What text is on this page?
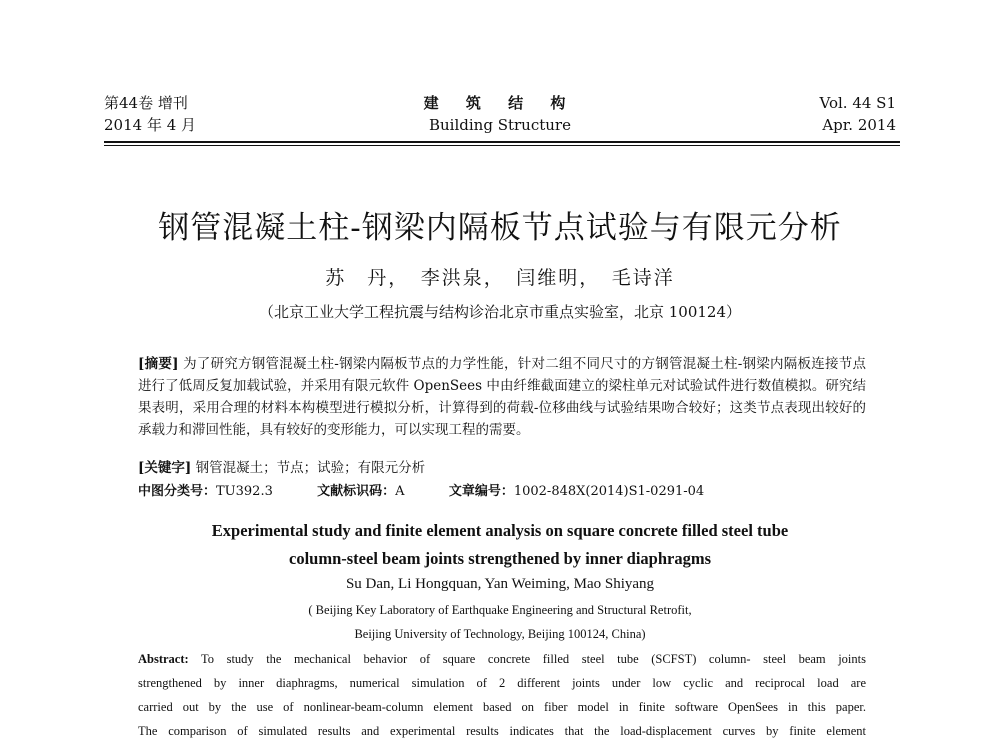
第44卷 增刊
2014 年 4 月
建 筑 结 构
Building Structure
Vol. 44 S1
Apr. 2014
钢管混凝土柱-钢梁内隔板节点试验与有限元分析
苏　丹，　李洪泉，　闫维明，　毛诗洋
（北京工业大学工程抗震与结构诊治北京市重点实验室，北京 100124）
[摘要] 为了研究方钢管混凝土柱-钢梁内隔板节点的力学性能，针对二组不同尺寸的方钢管混凝土柱-钢梁内隔板连接节点进行了低周反复加载试验，并采用有限元软件 OpenSees 中由纤维截面建立的梁柱单元对试验试件进行数值模拟。研究结果表明，采用合理的材料本构模型进行模拟分析，计算得到的荷载-位移曲线与试验结果吻合较好；这类节点表现出较好的承载力和滞回性能，具有较好的变形能力，可以实现工程的需要。
[关键字] 钢管混凝土；节点；试验；有限元分析
中图分类号：TU392.3	文献标识码：A	文章编号：1002-848X(2014)S1-0291-04
Experimental study and finite element analysis on square concrete filled steel tube
column-steel beam joints strengthened by inner diaphragms
Su Dan, Li Hongquan, Yan Weiming, Mao Shiyang
( Beijing Key Laboratory of Earthquake Engineering and Structural Retrofit,
Beijing University of Technology, Beijing 100124, China)
Abstract: To study the mechanical behavior of square concrete filled steel tube (SCFST) column- steel beam joints
strengthened by inner diaphragms, numerical simulation of 2 different joints under low cyclic and reciprocal load are
carried out by the use of nonlinear-beam-column element based on fiber model in finite software OpenSees in this paper.
The comparison of simulated results and experimental results indicates that the load-displacement curves by finite element
